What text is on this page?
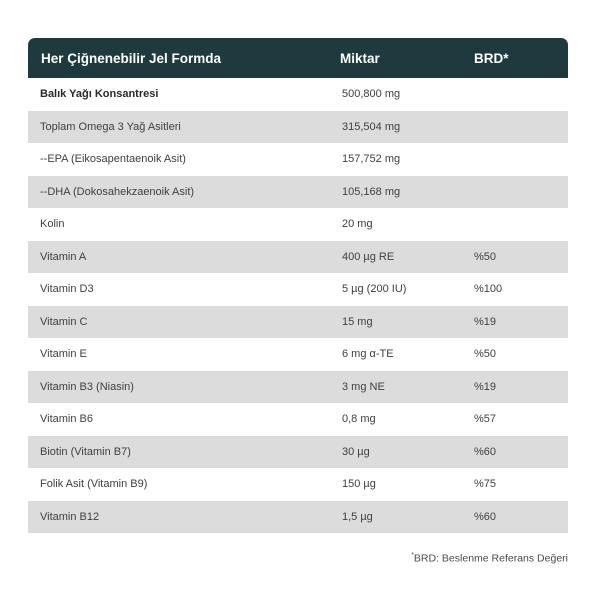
Her Çiğnenebilir Jel Formda	Miktar	BRD*
Balık Yağı Konsantresi	500,800 mg
Toplam Omega 3 Yağ Asitleri	315,504 mg
--EPA (Eikosapentaenoik Asit)	157,752 mg
--DHA (Dokosahekzaenoik Asit)	105,168 mg
Kolin	20 mg
Vitamin A	400 µg RE	%50
Vitamin D3	5 µg (200 IU)	%100
Vitamin C	15 mg	%19
Vitamin E	6 mg α-TE	%50
Vitamin B3 (Niasin)	3 mg NE	%19
Vitamin B6	0,8 mg	%57
Biotin (Vitamin B7)	30 µg	%60
Folik Asit (Vitamin B9)	150 µg	%75
Vitamin B12	1,5 µg	%60
*BRD: Beslenme Referans Değeri
